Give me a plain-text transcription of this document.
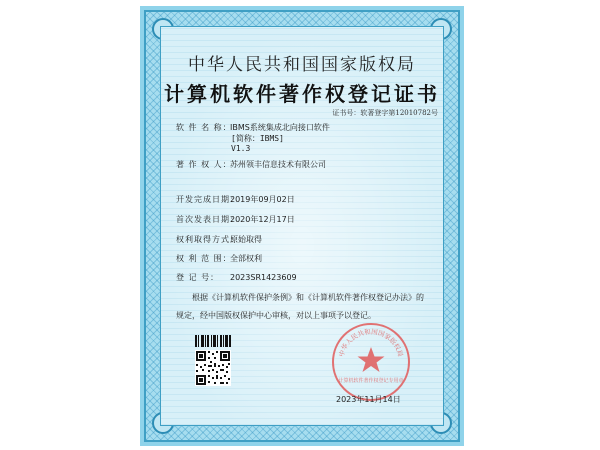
中华人民共和国国家版权局
计算机软件著作权登记证书
证书号：软著登字第12010782号
软 件 名 称：IBMS系统集成北向接口软件
[简称：IBMS]
V1.3
著 作 权 人：苏州领丰信息技术有限公司
开发完成日期：2019年09月02日
首次发表日期：2020年12月17日
权利取得方式：原始取得
权 利 范 围：全部权利
登 记 号： 2023SR1423609
根据《计算机软件保护条例》和《计算机软件著作权登记办法》的
规定，经中国版权保护中心审核，对以上事项予以登记。
中华人民共和国国家版权局
计算机软件著作权登记专用章
2023年11月14日
